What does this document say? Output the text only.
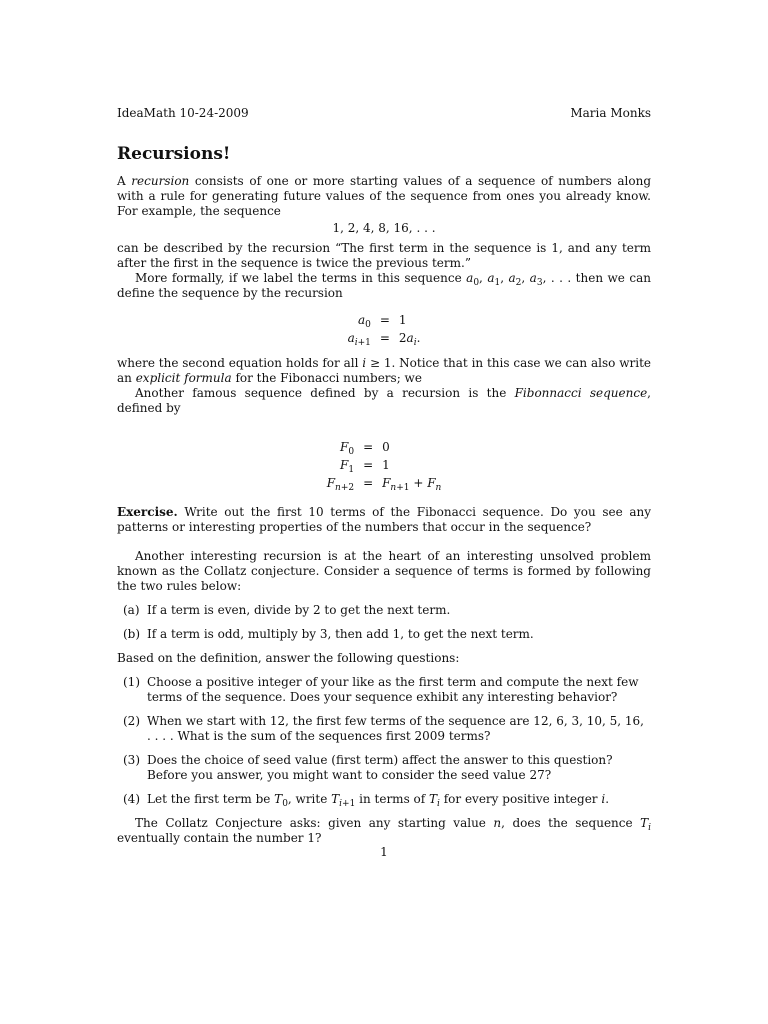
IdeaMath 10-24-2009	Maria Monks
Recursions!

A recursion consists of one or more starting values of a sequence of numbers along with a rule for generating future values of the sequence from ones you already know. For example, the sequence

1, 2, 4, 8, 16, . . .

can be described by the recursion “The first term in the sequence is 1, and any term after the first in the sequence is twice the previous term.”

More formally, if we label the terms in this sequence $a_0$, $a_1$, $a_2$, $a_3$, . . . then we can define the sequence by the recursion

$a_0 = 1$
$a_{i+1} = 2a_i$.

where the second equation holds for all i ≥ 1. Notice that in this case we can also write an explicit formula for the Fibonacci numbers; we

Another famous sequence defined by a recursion is the Fibonnacci sequence, defined by

$F_0 = 0$
$F_1 = 1$
$F_{n+2} = F_{n+1} + F_n$

Exercise. Write out the first 10 terms of the Fibonacci sequence. Do you see any patterns or interesting properties of the numbers that occur in the sequence?

Another interesting recursion is at the heart of an interesting unsolved problem known as the Collatz conjecture. Consider a sequence of terms is formed by following the two rules below:

(a) If a term is even, divide by 2 to get the next term.
(b) If a term is odd, multiply by 3, then add 1, to get the next term.

Based on the definition, answer the following questions:

(1) Choose a positive integer of your like as the first term and compute the next few terms of the sequence. Does your sequence exhibit any interesting behavior?
(2) When we start with 12, the first few terms of the sequence are 12, 6, 3, 10, 5, 16, . . . . What is the sum of the sequences first 2009 terms?
(3) Does the choice of seed value (first term) affect the answer to this question? Before you answer, you might want to consider the seed value 27?
(4) Let the first term be $T_0$, write $T_{i+1}$ in terms of $T_i$ for every positive integer i.

The Collatz Conjecture asks: given any starting value n, does the sequence $T_i$ eventually contain the number 1?

1
